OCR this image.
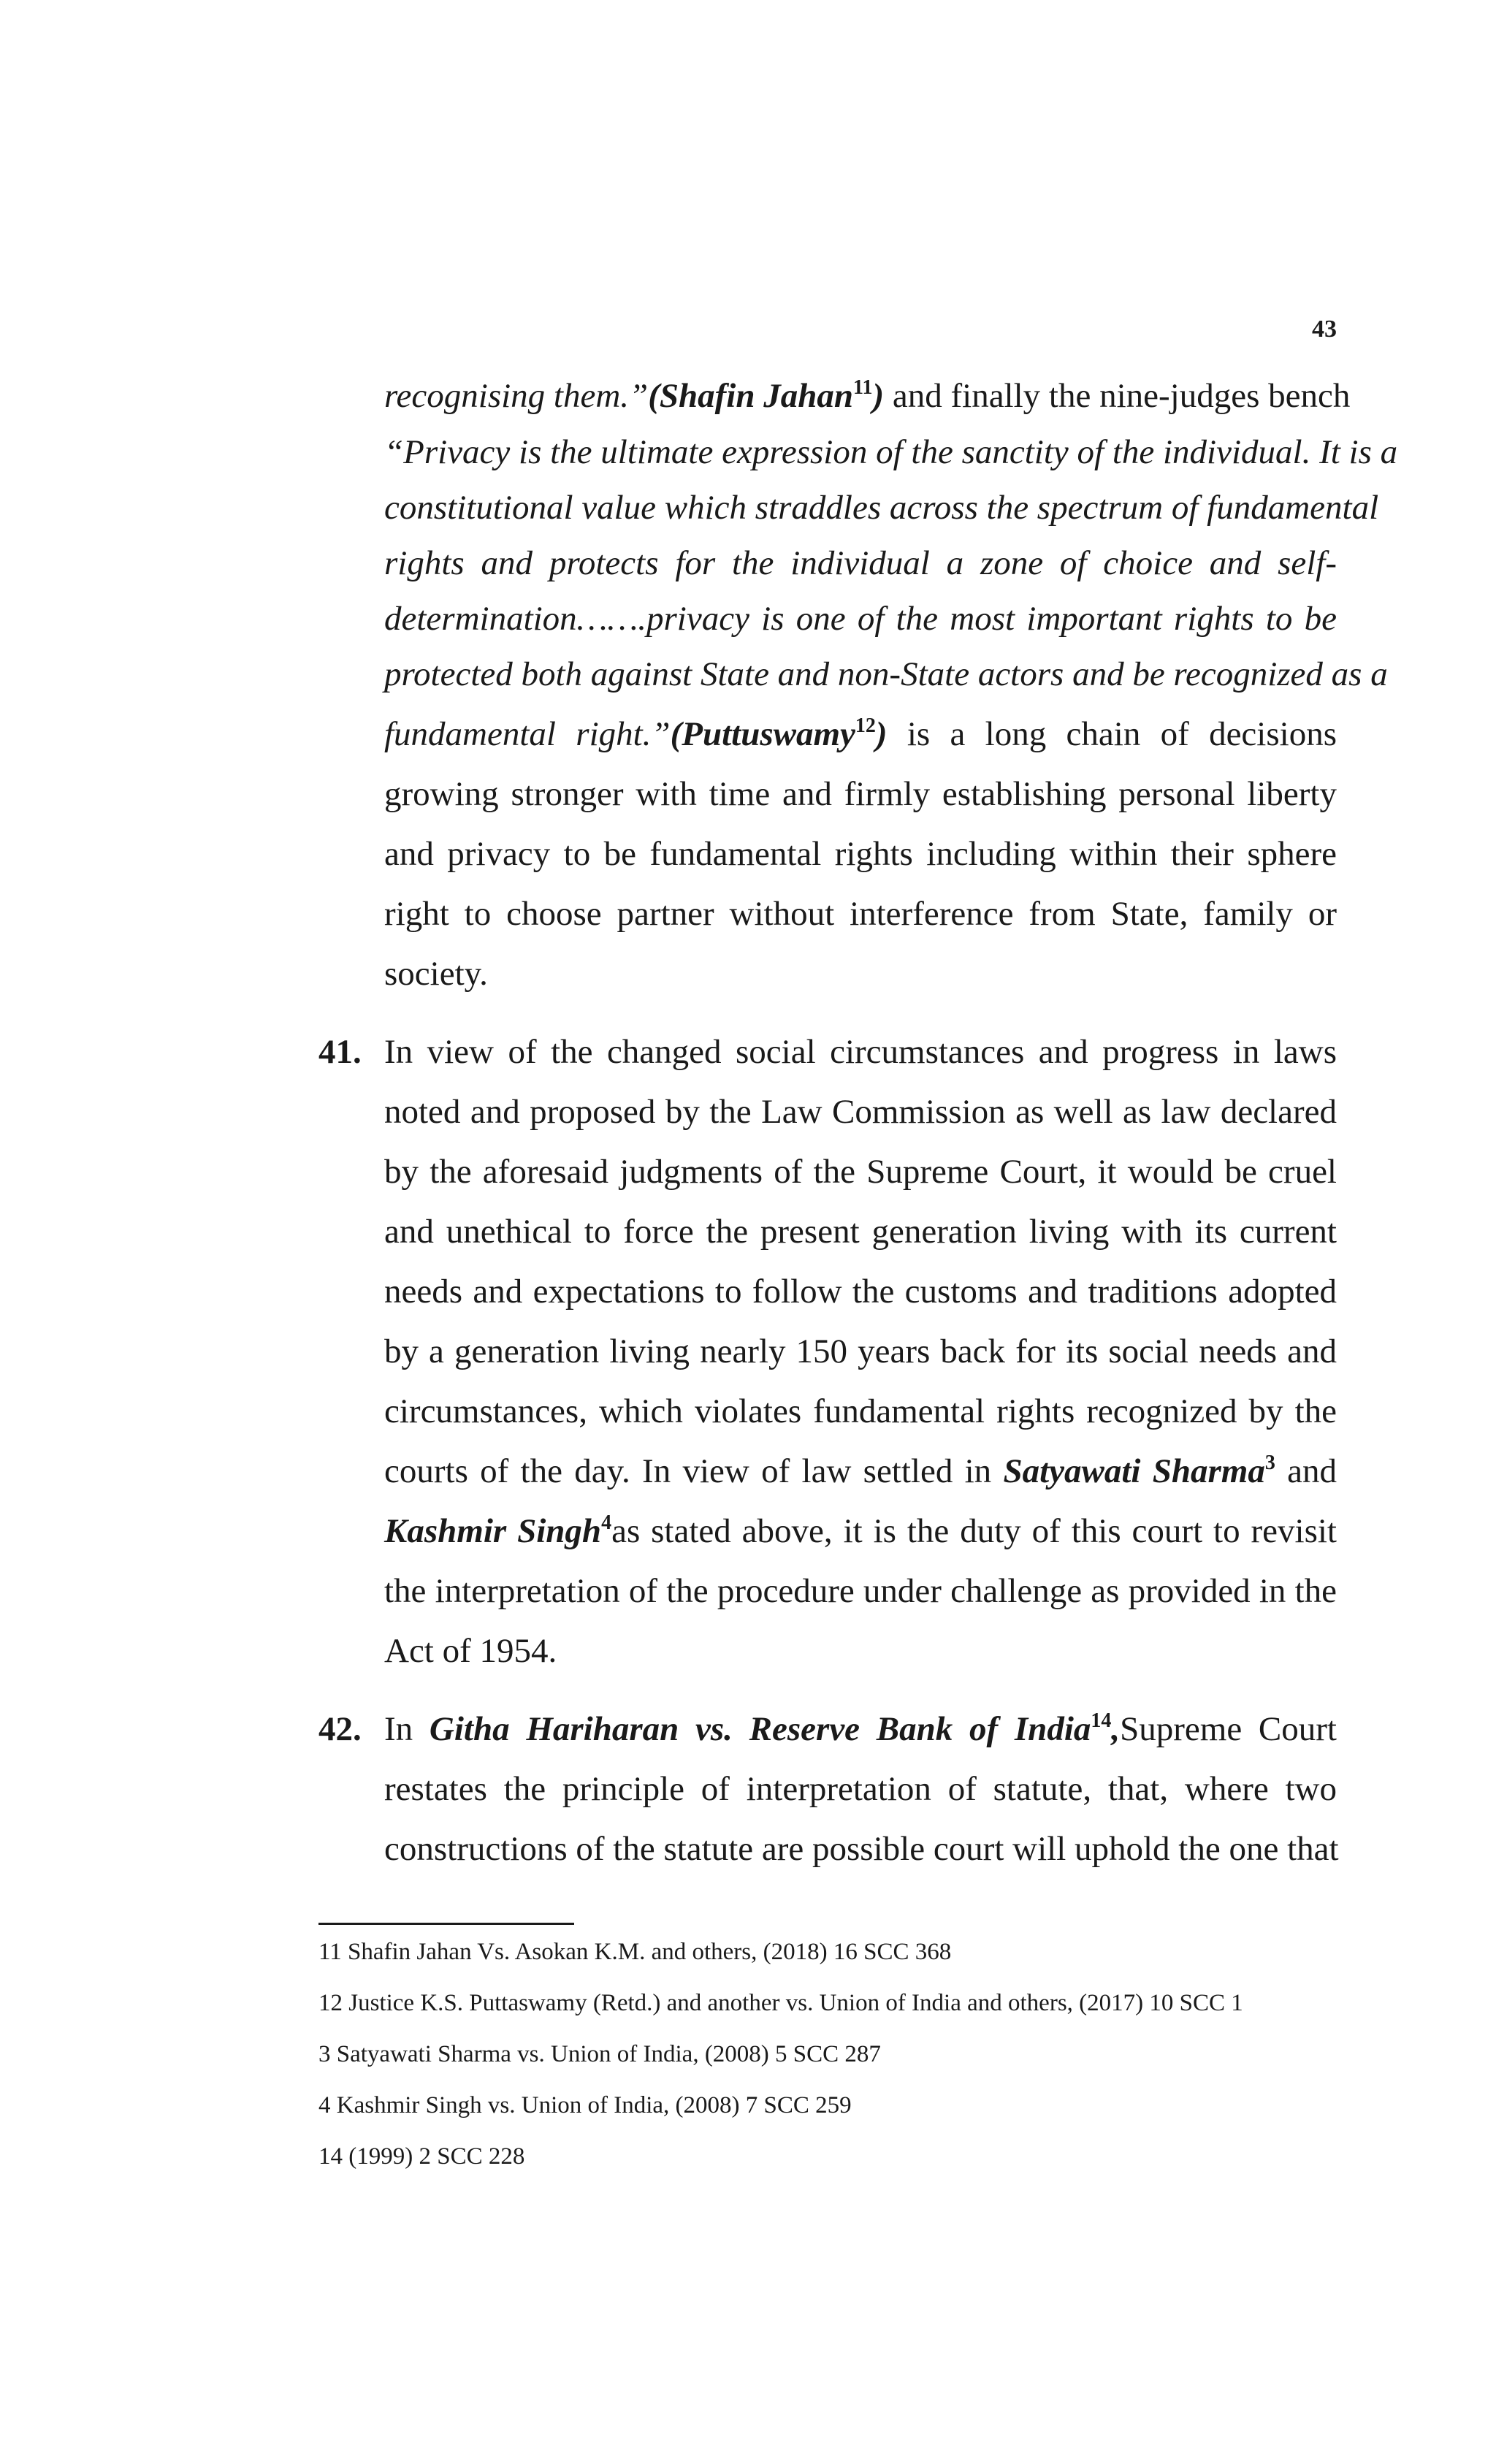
43
recognising them.”(Shafin Jahan$^{11}$) and finally the nine-judges bench
“Privacy is the ultimate expression of the sanctity of the individual. It is a
constitutional value which straddles across the spectrum of fundamental
rights and protects for the individual a zone of choice and self-
determination…….privacy is one of the most important rights to be
protected both against State and non-State actors and be recognized as a
fundamental right.”(Puttuswamy$^{12}$) is a long chain of decisions
growing stronger with time and firmly establishing personal liberty
and privacy to be fundamental rights including within their sphere
right to choose partner without interference from State, family or
society.
41. In view of the changed social circumstances and progress in laws
noted and proposed by the Law Commission as well as law declared
by the aforesaid judgments of the Supreme Court, it would be cruel
and unethical to force the present generation living with its current
needs and expectations to follow the customs and traditions adopted
by a generation living nearly 150 years back for its social needs and
circumstances, which violates fundamental rights recognized by the
courts of the day. In view of law settled in Satyawati Sharma$^3$ and
Kashmir Singh$^4$as stated above, it is the duty of this court to revisit
the interpretation of the procedure under challenge as provided in the
Act of 1954.
42. In Githa Hariharan vs. Reserve Bank of India$^{14}$,Supreme Court
restates the principle of interpretation of statute, that, where two
constructions of the statute are possible court will uphold the one that
11 Shafin Jahan Vs. Asokan K.M. and others, (2018) 16 SCC 368
12 Justice K.S. Puttaswamy (Retd.) and another vs. Union of India and others, (2017) 10 SCC 1
3 Satyawati Sharma vs. Union of India, (2008) 5 SCC 287
4 Kashmir Singh vs. Union of India, (2008) 7 SCC 259
14 (1999) 2 SCC 228
